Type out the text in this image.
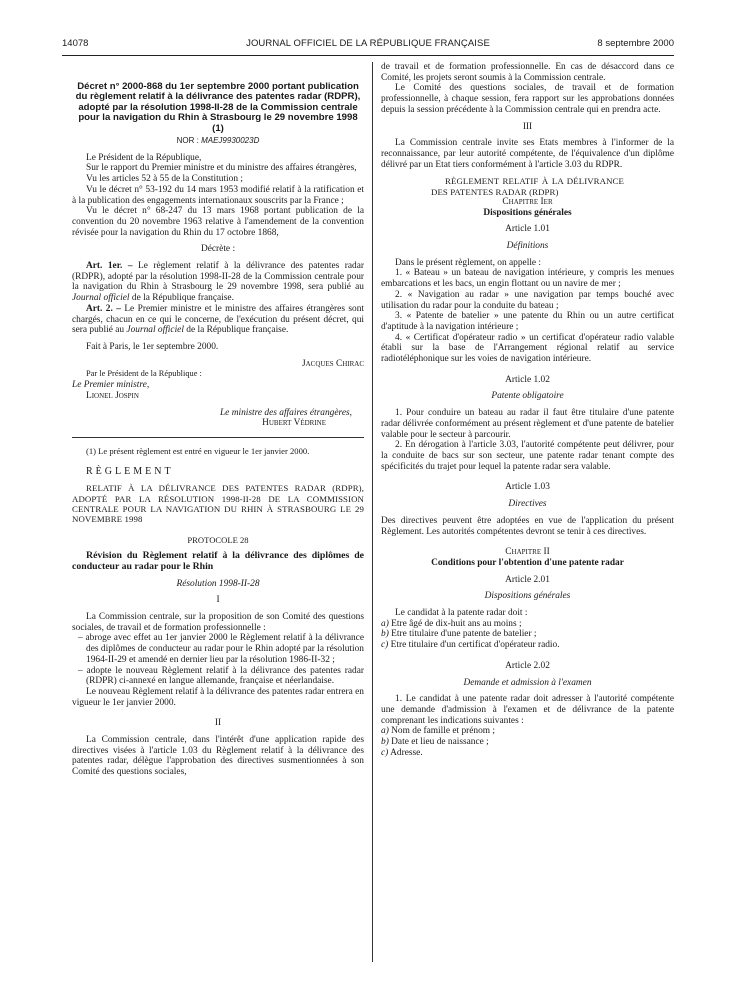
14078	JOURNAL OFFICIEL DE LA RÉPUBLIQUE FRANÇAISE	8 septembre 2000
Décret n° 2000-868 du 1er septembre 2000 portant publication du règlement relatif à la délivrance des patentes radar (RDPR), adopté par la résolution 1998-II-28 de la Commission centrale pour la navigation du Rhin à Strasbourg le 29 novembre 1998 (1)
NOR : MAEJ9930023D

Le Président de la République,

Sur le rapport du Premier ministre et du ministre des affaires étrangères,

Vu les articles 52 à 55 de la Constitution ;

Vu le décret n° 53-192 du 14 mars 1953 modifié relatif à la ratification et à la publication des engagements internationaux souscrits par la France ;

Vu le décret n° 68-247 du 13 mars 1968 portant publication de la convention du 20 novembre 1963 relative à l'amendement de la convention révisée pour la navigation du Rhin du 17 octobre 1868,

Décrète :

Art. 1er. – Le règlement relatif à la délivrance des patentes radar (RDPR), adopté par la résolution 1998-II-28 de la Commission centrale pour la navigation du Rhin à Strasbourg le 29 novembre 1998, sera publié au Journal officiel de la République française.

Art. 2. – Le Premier ministre et le ministre des affaires étrangères sont chargés, chacun en ce qui le concerne, de l'exécution du présent décret, qui sera publié au Journal officiel de la République française.

Fait à Paris, le 1er septembre 2000.

Jacques Chirac

Par le Président de la République :

Le Premier ministre,

Lionel Jospin

Le ministre des affaires étrangères,

Hubert Védrine

(1) Le présent règlement est entré en vigueur le 1er janvier 2000.

RÈGLEMENT

RELATIF À LA DÉLIVRANCE DES PATENTES RADAR (RDPR), ADOPTÉ PAR LA RÉSOLUTION 1998-II-28 DE LA COMMISSION CENTRALE POUR LA NAVIGATION DU RHIN À STRASBOURG LE 29 NOVEMBRE 1998

PROTOCOLE 28

Révision du Règlement relatif à la délivrance des diplômes de conducteur au radar pour le Rhin

Résolution 1998-II-28

I

La Commission centrale, sur la proposition de son Comité des questions sociales, de travail et de formation professionnelle :

– abroge avec effet au 1er janvier 2000 le Règlement relatif à la délivrance des diplômes de conducteur au radar pour le Rhin adopté par la résolution 1964-II-29 et amendé en dernier lieu par la résolution 1986-II-32 ;
– adopte le nouveau Règlement relatif à la délivrance des patentes radar (RDPR) ci-annexé en langue allemande, française et néerlandaise.

Le nouveau Règlement relatif à la délivrance des patentes radar entrera en vigueur le 1er janvier 2000.

II

La Commission centrale, dans l'intérêt d'une application rapide des directives visées à l'article 1.03 du Règlement relatif à la délivrance des patentes radar, délègue l'approbation des directives susmentionnées à son Comité des questions sociales,

de travail et de formation professionnelle. En cas de désaccord dans ce Comité, les projets seront soumis à la Commission centrale.

Le Comité des questions sociales, de travail et de formation professionnelle, à chaque session, fera rapport sur les approbations données depuis la session précédente à la Commission centrale qui en prendra acte.

III

La Commission centrale invite ses Etats membres à l'informer de la reconnaissance, par leur autorité compétente, de l'équivalence d'un diplôme délivré par un Etat tiers conformément à l'article 3.03 du RDPR.

RÈGLEMENT RELATIF À LA DÉLIVRANCE DES PATENTES RADAR (RDPR)

Chapitre Ier

Dispositions générales

Article 1.01

Définitions

Dans le présent règlement, on appelle :

1. « Bateau » un bateau de navigation intérieure, y compris les menues embarcations et les bacs, un engin flottant ou un navire de mer ;

2. « Navigation au radar » une navigation par temps bouché avec utilisation du radar pour la conduite du bateau ;

3. « Patente de batelier » une patente du Rhin ou un autre certificat d'aptitude à la navigation intérieure ;

4. « Certificat d'opérateur radio » un certificat d'opérateur radio valable établi sur la base de l'Arrangement régional relatif au service radiotéléphonique sur les voies de navigation intérieure.

Article 1.02

Patente obligatoire

1. Pour conduire un bateau au radar il faut être titulaire d'une patente radar délivrée conformément au présent règlement et d'une patente de batelier valable pour le secteur à parcourir.

2. En dérogation à l'article 3.03, l'autorité compétente peut délivrer, pour la conduite de bacs sur son secteur, une patente radar tenant compte des spécificités du trajet pour lequel la patente radar sera valable.

Article 1.03

Directives

Des directives peuvent être adoptées en vue de l'application du présent Règlement. Les autorités compétentes devront se tenir à ces directives.

Chapitre II

Conditions pour l'obtention d'une patente radar

Article 2.01

Dispositions générales

Le candidat à la patente radar doit :

a) Etre âgé de dix-huit ans au moins ;

b) Etre titulaire d'une patente de batelier ;

c) Etre titulaire d'un certificat d'opérateur radio.

Article 2.02

Demande et admission à l'examen

1. Le candidat à une patente radar doit adresser à l'autorité compétente une demande d'admission à l'examen et de délivrance de la patente comprenant les indications suivantes :

a) Nom de famille et prénom ;

b) Date et lieu de naissance ;

c) Adresse.
